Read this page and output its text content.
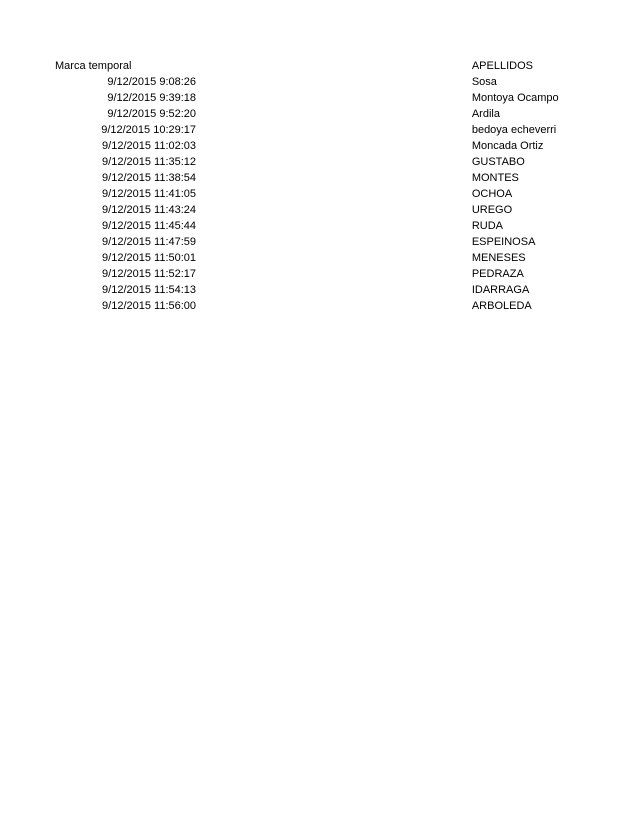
Marca temporal			APELLIDOS
	9/12/2015 9:08:26		Sosa
	9/12/2015 9:39:18		Montoya Ocampo
	9/12/2015 9:52:20		Ardila
	9/12/2015 10:29:17		bedoya echeverri
	9/12/2015 11:02:03		Moncada Ortiz
	9/12/2015 11:35:12		GUSTABO
	9/12/2015 11:38:54		MONTES
	9/12/2015 11:41:05		OCHOA
	9/12/2015 11:43:24		UREGO
	9/12/2015 11:45:44		RUDA
	9/12/2015 11:47:59		ESPEINOSA
	9/12/2015 11:50:01		MENESES
	9/12/2015 11:52:17		PEDRAZA
	9/12/2015 11:54:13		IDARRAGA
	9/12/2015 11:56:00		ARBOLEDA
